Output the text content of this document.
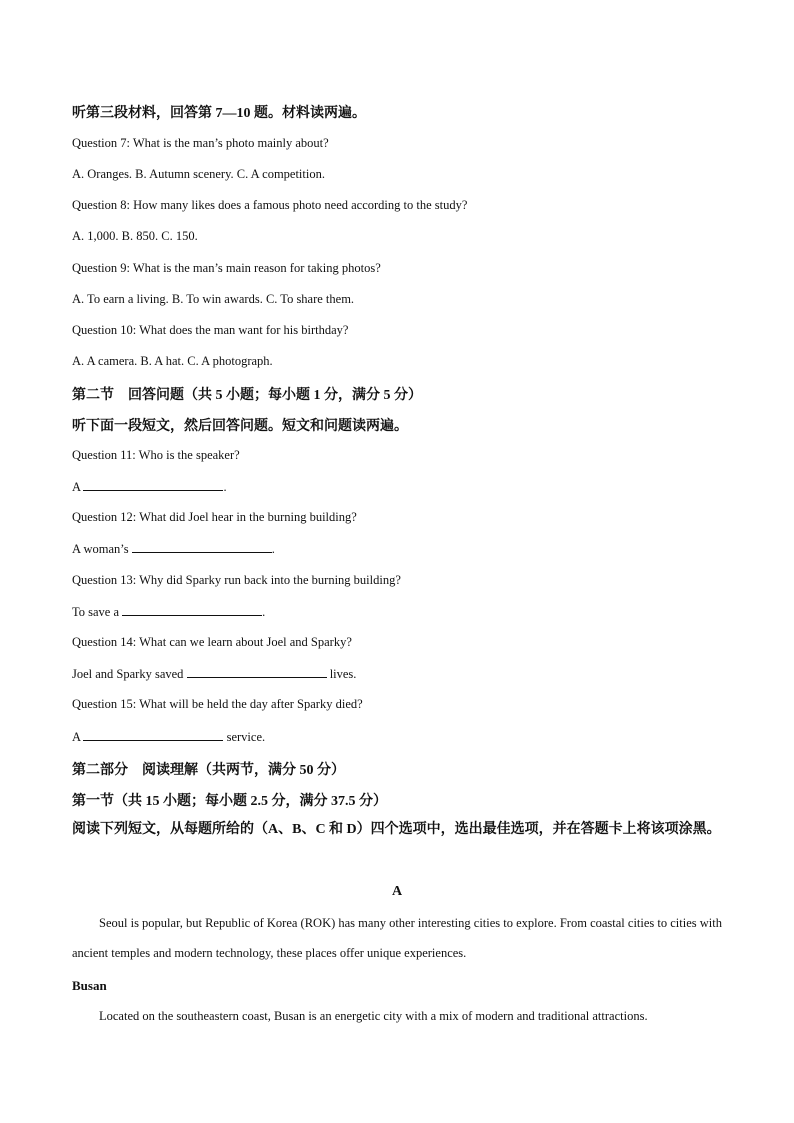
听第三段材料，回答第 7—10 题。材料读两遍。
Question 7: What is the man’s photo mainly about?
A. Oranges. B. Autumn scenery. C. A competition.
Question 8: How many likes does a famous photo need according to the study?
A. 1,000. B. 850. C. 150.
Question 9: What is the man’s main reason for taking photos?
A. To earn a living. B. To win awards. C. To share them.
Question 10: What does the man want for his birthday?
A. A camera. B. A hat. C. A photograph.
第二节　回答问题（共 5 小题；每小题 1 分，满分 5 分）
听下面一段短文，然后回答问题。短文和问题读两遍。
Question 11: Who is the speaker?
A	.
Question 12: What did Joel hear in the burning building?
A woman’s	.
Question 13: Why did Sparky run back into the burning building?
To save a	.
Question 14: What can we learn about Joel and Sparky?
Joel and Sparky saved	lives.
Question 15: What will be held the day after Sparky died?
A	service.
第二部分　阅读理解（共两节，满分 50 分）
第一节（共 15 小题；每小题 2.5 分，满分 37.5 分）
阅读下列短文，从每题所给的（A、B、C 和 D）四个选项中，选出最佳选项，并在答题卡上将该项涂黑。
A
Seoul is popular, but Republic of Korea (ROK) has many other interesting cities to explore. From coastal cities to cities with ancient temples and modern technology, these places offer unique experiences.
Busan
Located on the southeastern coast, Busan is an energetic city with a mix of modern and traditional attractions.
